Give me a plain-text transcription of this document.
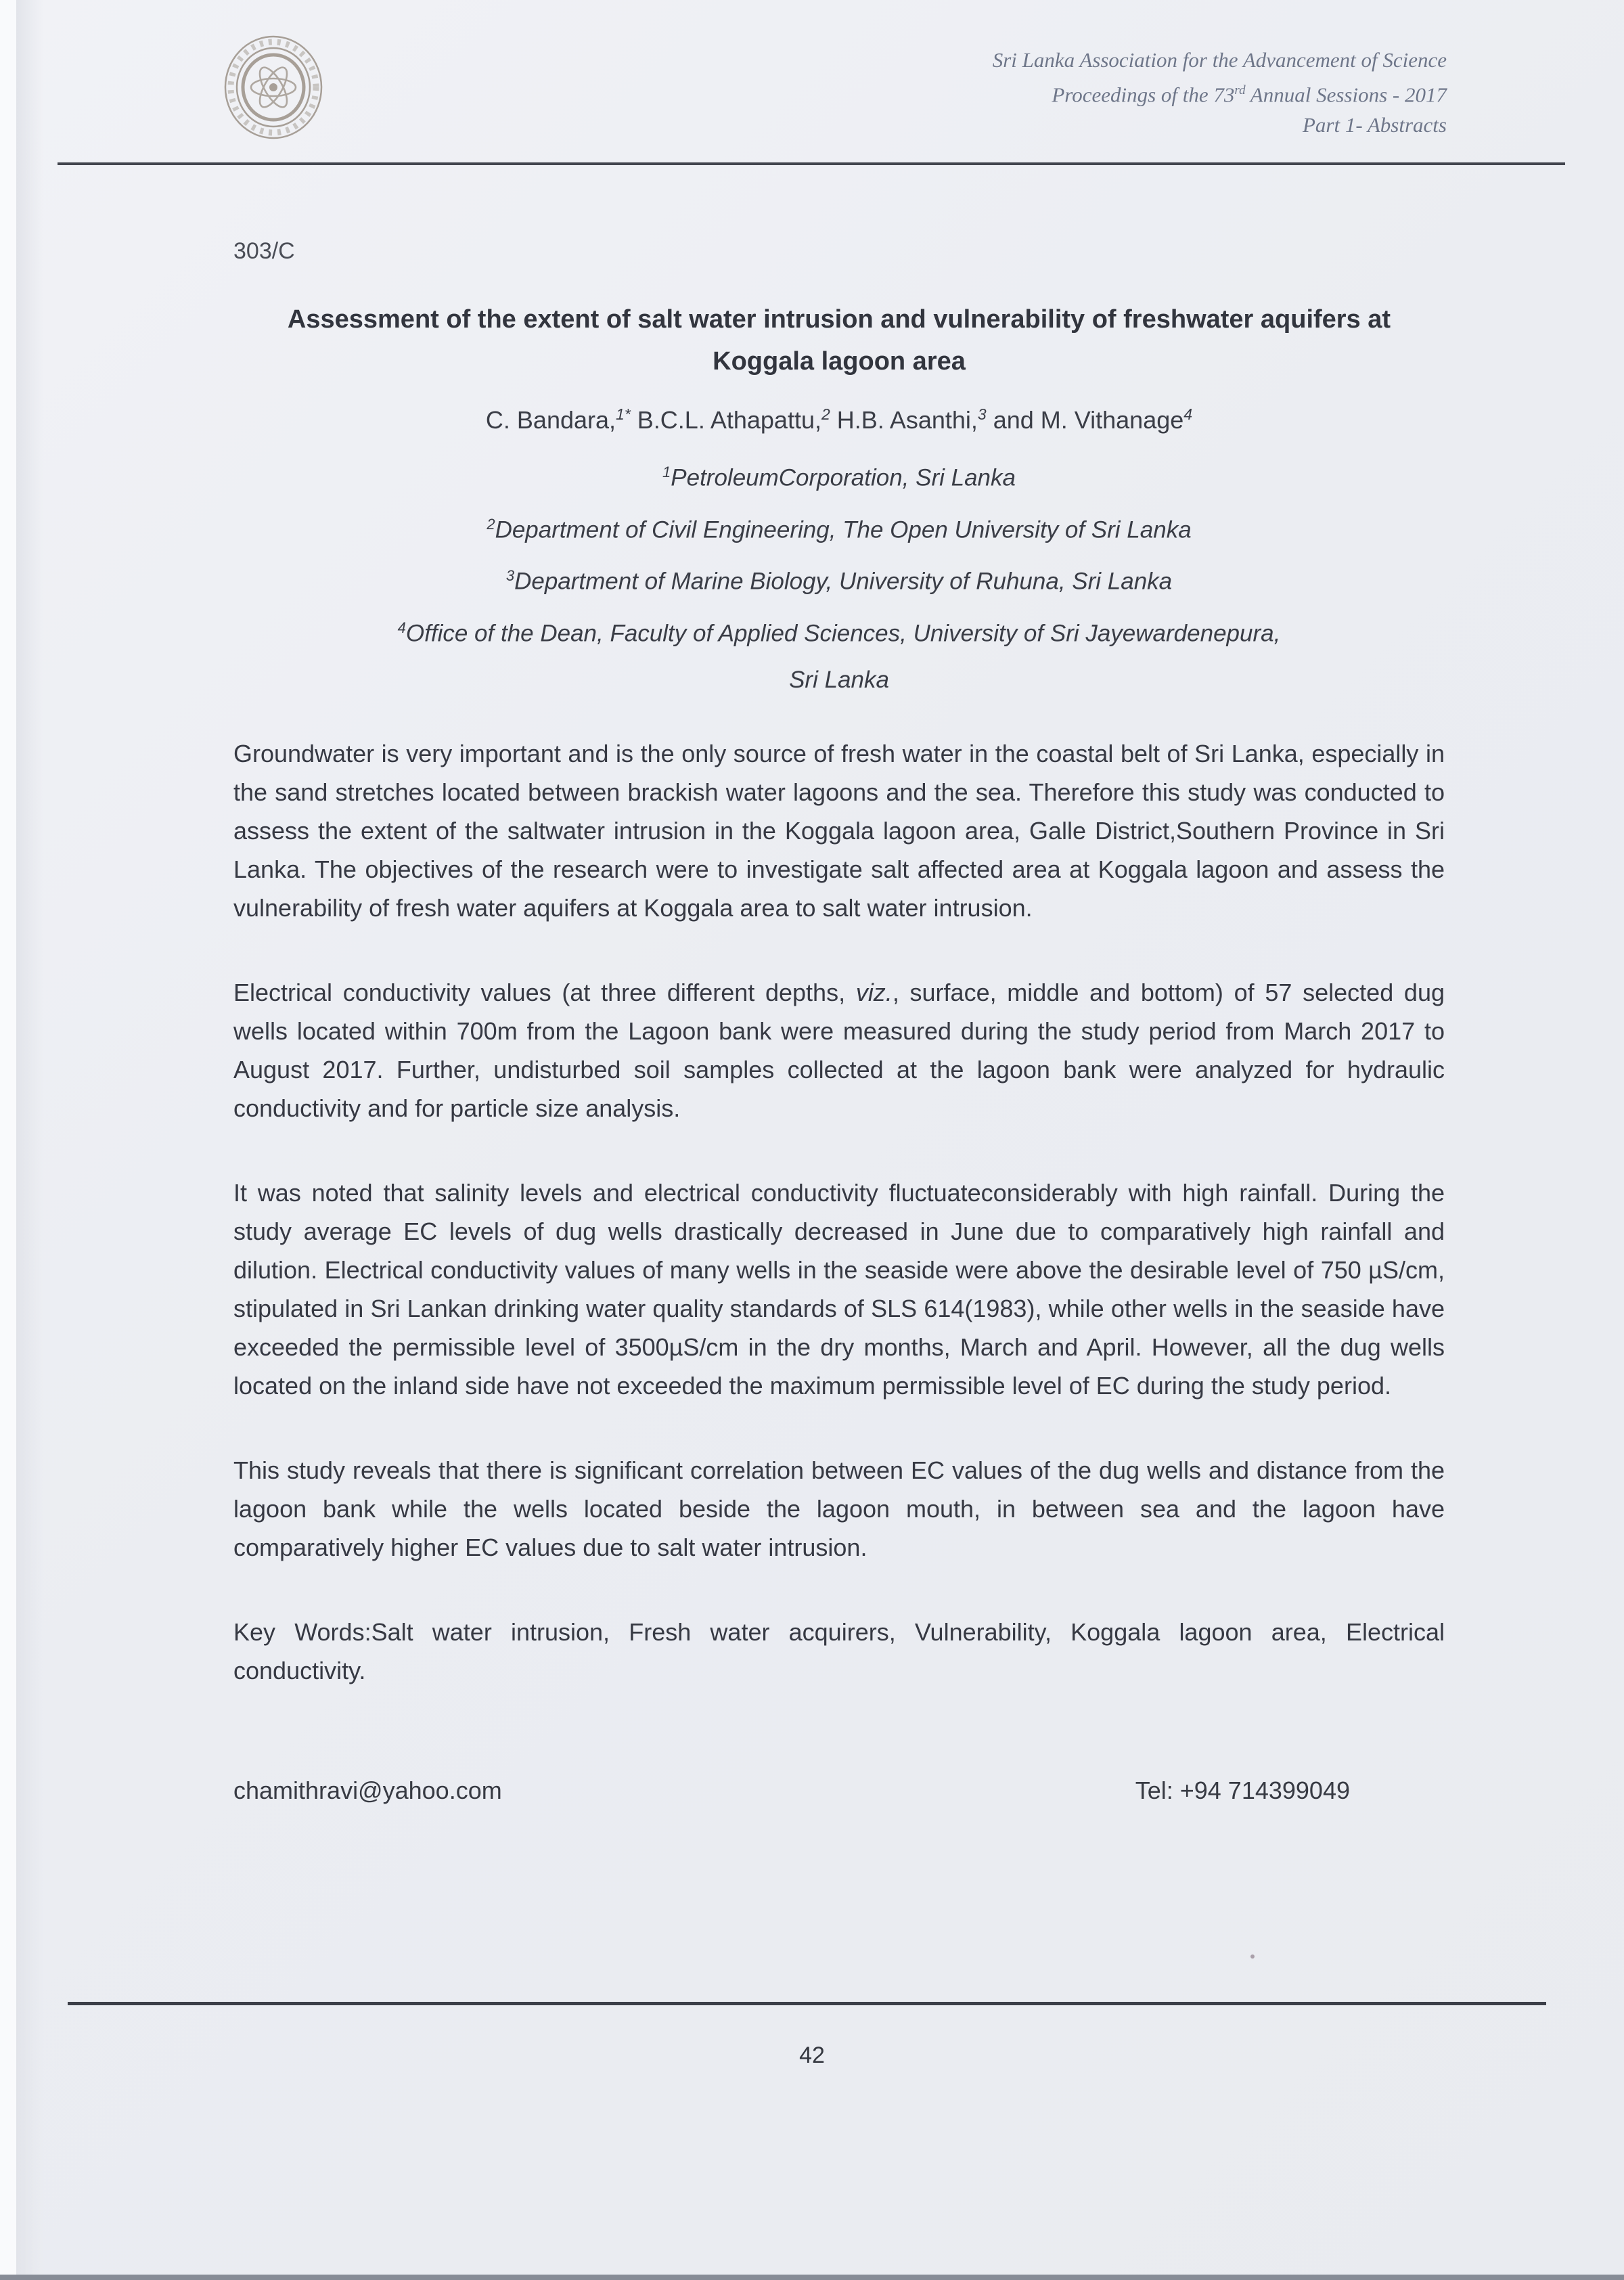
Sri Lanka Association for the Advancement of Science
Proceedings of the 73rd Annual Sessions - 2017
Part 1- Abstracts
303/C
Assessment of the extent of salt water intrusion and vulnerability of freshwater aquifers at
Koggala lagoon area
C. Bandara,$^{1*}$ B.C.L. Athapattu,$^2$ H.B. Asanthi,$^3$ and M. Vithanage$^4$
$^1$PetroleumCorporation, Sri Lanka
$^2$Department of Civil Engineering, The Open University of Sri Lanka
$^3$Department of Marine Biology, University of Ruhuna, Sri Lanka
$^4$Office of the Dean, Faculty of Applied Sciences, University of Sri Jayewardenepura,
Sri Lanka

Groundwater is very important and is the only source of fresh water in the coastal belt of Sri Lanka, especially in the sand stretches located between brackish water lagoons and the sea. Therefore this study was conducted to assess the extent of the saltwater intrusion in the Koggala lagoon area, Galle District,Southern Province in Sri Lanka. The objectives of the research were to investigate salt affected area at Koggala lagoon and assess the vulnerability of fresh water aquifers at Koggala area to salt water intrusion.

Electrical conductivity values (at three different depths, viz., surface, middle and bottom) of 57 selected dug wells located within 700m from the Lagoon bank were measured during the study period from March 2017 to August 2017. Further, undisturbed soil samples collected at the lagoon bank were analyzed for hydraulic conductivity and for particle size analysis.

It was noted that salinity levels and electrical conductivity fluctuateconsiderably with high rainfall. During the study average EC levels of dug wells drastically decreased in June due to comparatively high rainfall and dilution. Electrical conductivity values of many wells in the seaside were above the desirable level of 750 µS/cm, stipulated in Sri Lankan drinking water quality standards of SLS 614(1983), while other wells in the seaside have exceeded the permissible level of 3500µS/cm in the dry months, March and April. However, all the dug wells located on the inland side have not exceeded the maximum permissible level of EC during the study period.

This study reveals that there is significant correlation between EC values of the dug wells and distance from the lagoon bank while the wells located beside the lagoon mouth, in between sea and the lagoon have comparatively higher EC values due to salt water intrusion.

Key Words:Salt water intrusion, Fresh water acquirers, Vulnerability, Koggala lagoon area, Electrical conductivity.

chamithravi@yahoo.com	Tel: +94 714399049
42
